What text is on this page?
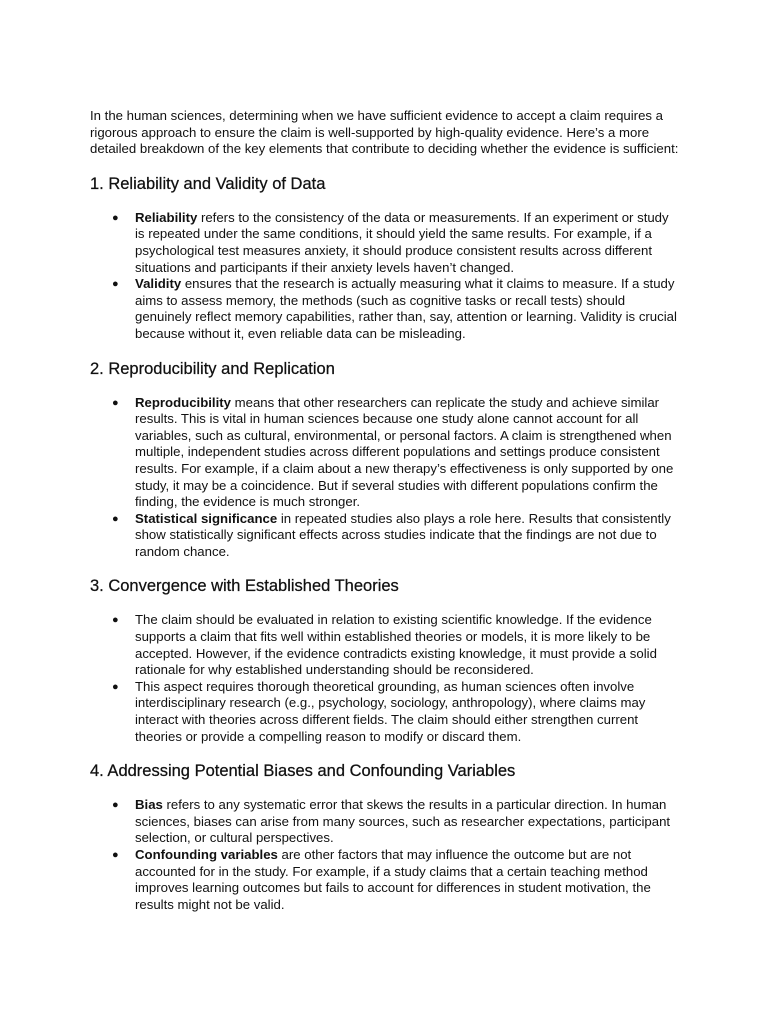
In the human sciences, determining when we have sufficient evidence to accept a claim requires a rigorous approach to ensure the claim is well-supported by high-quality evidence. Here’s a more detailed breakdown of the key elements that contribute to deciding whether the evidence is sufficient:

1. Reliability and Validity of Data
● Reliability refers to the consistency of the data or measurements. If an experiment or study is repeated under the same conditions, it should yield the same results. For example, if a psychological test measures anxiety, it should produce consistent results across different situations and participants if their anxiety levels haven’t changed.
● Validity ensures that the research is actually measuring what it claims to measure. If a study aims to assess memory, the methods (such as cognitive tasks or recall tests) should genuinely reflect memory capabilities, rather than, say, attention or learning. Validity is crucial because without it, even reliable data can be misleading.
2. Reproducibility and Replication
● Reproducibility means that other researchers can replicate the study and achieve similar results. This is vital in human sciences because one study alone cannot account for all variables, such as cultural, environmental, or personal factors. A claim is strengthened when multiple, independent studies across different populations and settings produce consistent results. For example, if a claim about a new therapy’s effectiveness is only supported by one study, it may be a coincidence. But if several studies with different populations confirm the finding, the evidence is much stronger.
● Statistical significance in repeated studies also plays a role here. Results that consistently show statistically significant effects across studies indicate that the findings are not due to random chance.
3. Convergence with Established Theories
● The claim should be evaluated in relation to existing scientific knowledge. If the evidence supports a claim that fits well within established theories or models, it is more likely to be accepted. However, if the evidence contradicts existing knowledge, it must provide a solid rationale for why established understanding should be reconsidered.
● This aspect requires thorough theoretical grounding, as human sciences often involve interdisciplinary research (e.g., psychology, sociology, anthropology), where claims may interact with theories across different fields. The claim should either strengthen current theories or provide a compelling reason to modify or discard them.
4. Addressing Potential Biases and Confounding Variables
● Bias refers to any systematic error that skews the results in a particular direction. In human sciences, biases can arise from many sources, such as researcher expectations, participant selection, or cultural perspectives.
● Confounding variables are other factors that may influence the outcome but are not accounted for in the study. For example, if a study claims that a certain teaching method improves learning outcomes but fails to account for differences in student motivation, the results might not be valid.
